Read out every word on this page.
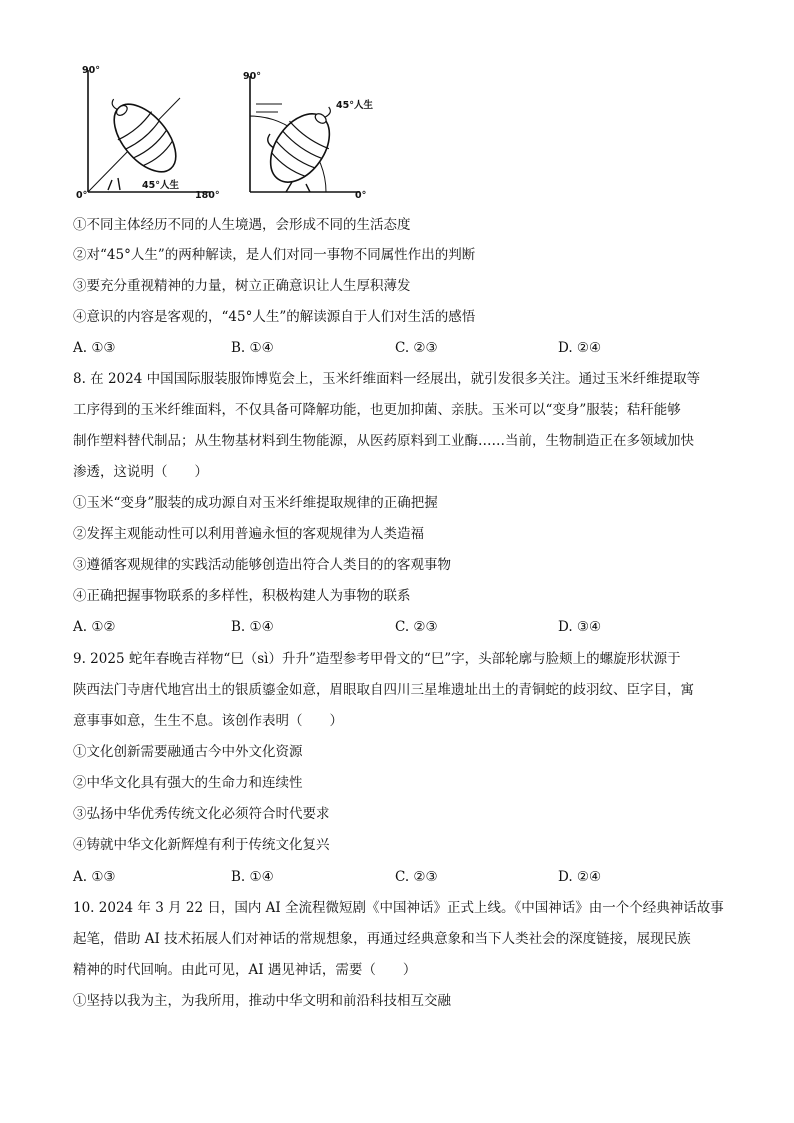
90°
0°	180°
45°人生
90°
0°
45°人生
①不同主体经历不同的人生境遇，会形成不同的生活态度
②对“45°人生”的两种解读，是人们对同一事物不同属性作出的判断
③要充分重视精神的力量，树立正确意识让人生厚积薄发
④意识的内容是客观的，“45°人生”的解读源自于人们对生活的感悟
A. ①③	B. ①④	C. ②③	D. ②④
8. 在 2024 中国国际服装服饰博览会上，玉米纤维面料一经展出，就引发很多关注。通过玉米纤维提取等
工序得到的玉米纤维面料，不仅具备可降解功能，也更加抑菌、亲肤。玉米可以“变身”服装；秸秆能够
制作塑料替代制品；从生物基材料到生物能源，从医药原料到工业酶……当前，生物制造正在多领域加快
渗透，这说明（　　）
①玉米“变身”服装的成功源自对玉米纤维提取规律的正确把握
②发挥主观能动性可以利用普遍永恒的客观规律为人类造福
③遵循客观规律的实践活动能够创造出符合人类目的的客观事物
④正确把握事物联系的多样性，积极构建人为事物的联系
A. ①②	B. ①④	C. ②③	D. ③④
9. 2025 蛇年春晚吉祥物“巳（sì）升升”造型参考甲骨文的“巳”字，头部轮廓与脸颊上的螺旋形状源于
陕西法门寺唐代地宫出土的银质鎏金如意，眉眼取自四川三星堆遗址出土的青铜蛇的歧羽纹、臣字目，寓
意事事如意，生生不息。该创作表明（　　）
①文化创新需要融通古今中外文化资源
②中华文化具有强大的生命力和连续性
③弘扬中华优秀传统文化必须符合时代要求
④铸就中华文化新辉煌有利于传统文化复兴
A. ①③	B. ①④	C. ②③	D. ②④
10. 2024 年 3 月 22 日，国内 AI 全流程微短剧《中国神话》正式上线。《中国神话》由一个个经典神话故事
起笔，借助 AI 技术拓展人们对神话的常规想象，再通过经典意象和当下人类社会的深度链接，展现民族
精神的时代回响。由此可见，AI 遇见神话，需要（　　）
①坚持以我为主，为我所用，推动中华文明和前沿科技相互交融
